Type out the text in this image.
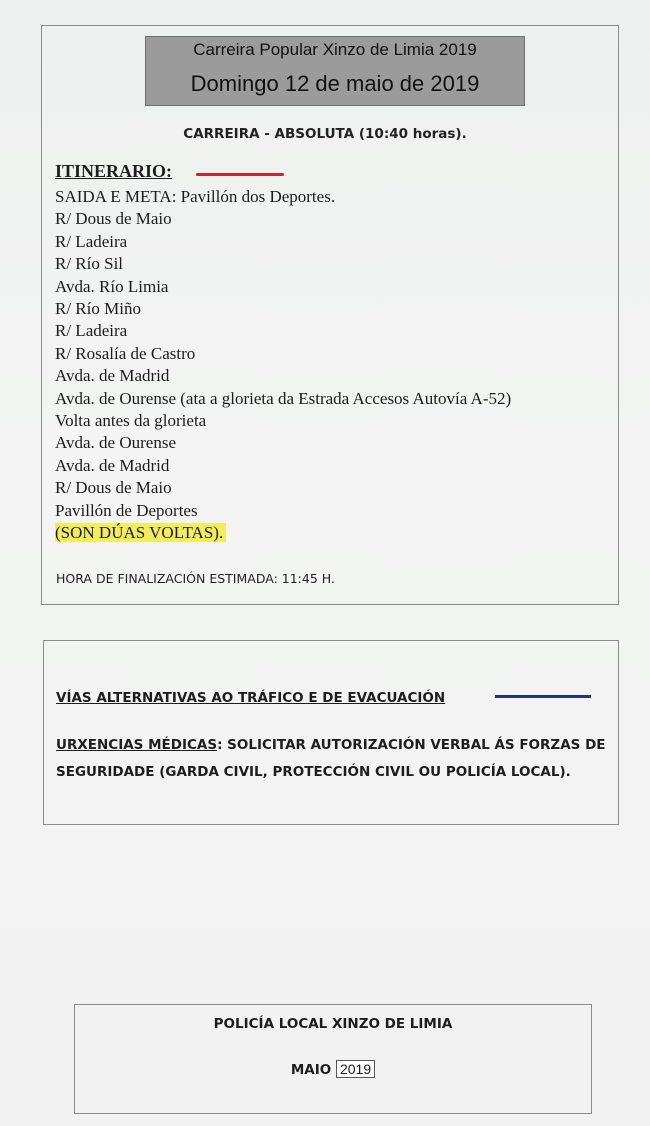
Carreira Popular Xinzo de Limia 2019
Domingo 12 de maio de 2019
CARREIRA - ABSOLUTA (10:40 horas).
ITINERARIO:
SAIDA E META: Pavillón dos Deportes.
R/ Dous de Maio
R/ Ladeira
R/ Río Sil
Avda. Río Limia
R/ Río Miño
R/ Ladeira
R/ Rosalía de Castro
Avda. de Madrid
Avda. de Ourense (ata a glorieta da Estrada Accesos Autovía A-52)
Volta antes da glorieta
Avda. de Ourense
Avda. de Madrid
R/ Dous de Maio
Pavillón de Deportes
(SON DÚAS VOLTAS).
HORA DE FINALIZACIÓN ESTIMADA: 11:45 H.
VÍAS ALTERNATIVAS AO TRÁFICO E DE EVACUACIÓN
URXENCIAS MÉDICAS: SOLICITAR AUTORIZACIÓN VERBAL ÁS FORZAS DE SEGURIDADE (GARDA CIVIL, PROTECCIÓN CIVIL OU POLICÍA LOCAL).
POLICÍA LOCAL XINZO DE LIMIA
MAIO 2019
